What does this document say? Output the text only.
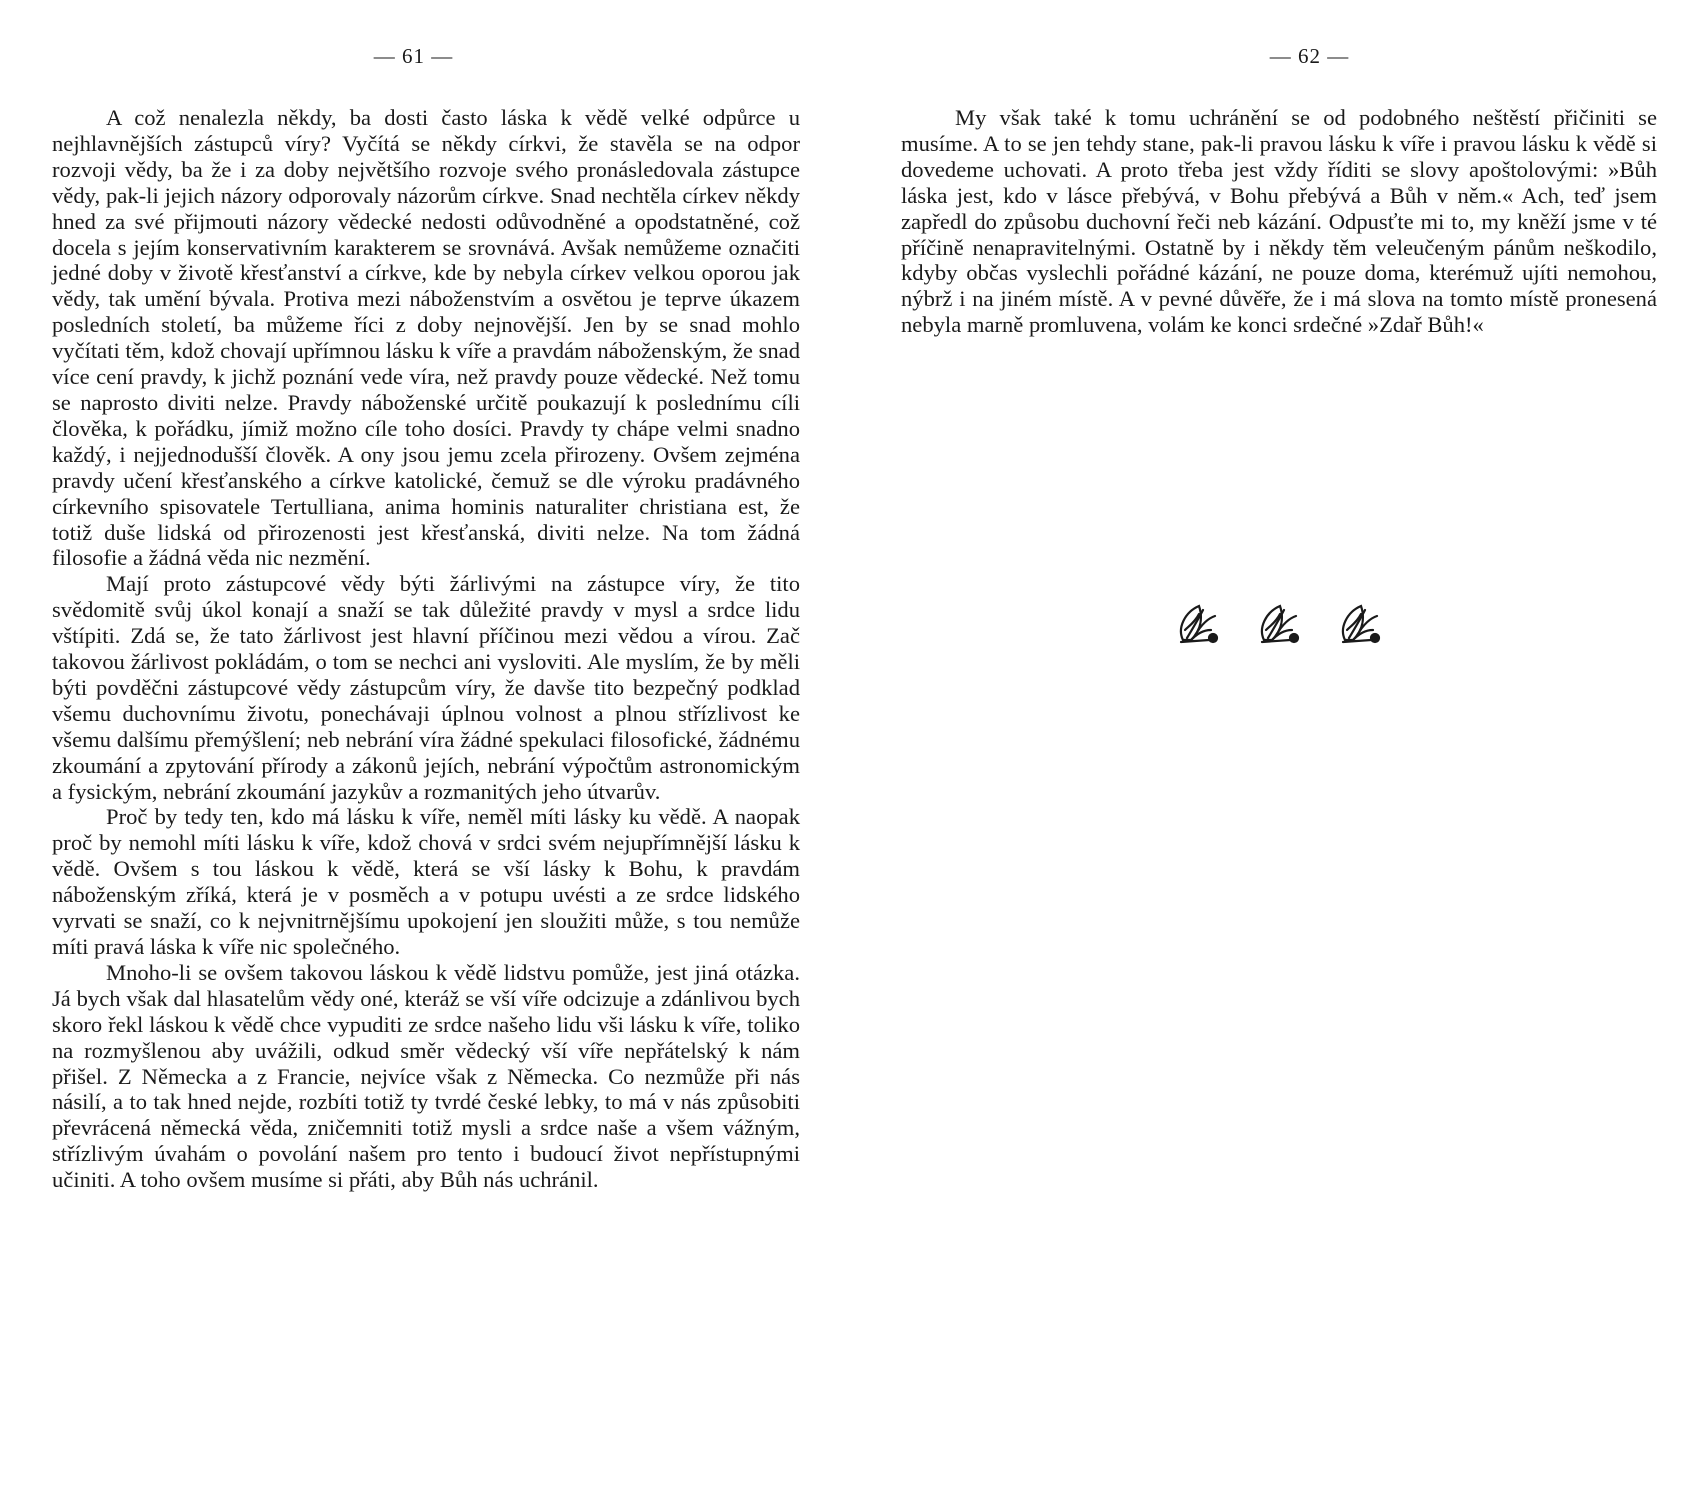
— 61 —

A což nenalezla někdy, ba dosti často láska k vědě velké odpůrce u nejhlavnějších zástupců víry? Vyčítá se někdy církvi, že stavěla se na odpor rozvoji vědy, ba že i za doby největšího rozvoje svého pronásledovala zástupce vědy, pak-li jejich názory odporovaly názorům církve. Snad nechtěla církev někdy hned za své přijmouti názory vědecké nedosti odůvodněné a opodstatněné, což docela s jejím konservativním karakterem se srovnává. Avšak nemůžeme označiti jedné doby v životě křesťanství a církve, kde by nebyla církev velkou oporou jak vědy, tak umění bývala. Protiva mezi náboženstvím a osvětou je teprve úkazem posledních století, ba můžeme říci z doby nejnovější. Jen by se snad mohlo vyčítati těm, kdož chovají upřímnou lásku k víře a pravdám náboženským, že snad více cení pravdy, k jichž poznání vede víra, než pravdy pouze vědecké. Než tomu se naprosto diviti nelze. Pravdy náboženské určitě poukazují k poslednímu cíli člověka, k pořádku, jímiž možno cíle toho dosíci. Pravdy ty chápe velmi snadno každý, i nejjednodušší člověk. A ony jsou jemu zcela přirozeny. Ovšem zejména pravdy učení křesťanského a církve katolické, čemuž se dle výroku pradávného církevního spisovatele Tertulliana, anima hominis naturaliter christiana est, že totiž duše lidská od přirozenosti jest křesťanská, diviti nelze. Na tom žádná filosofie a žádná věda nic nezmění.

Mají proto zástupcové vědy býti žárlivými na zástupce víry, že tito svědomitě svůj úkol konají a snaží se tak důležité pravdy v mysl a srdce lidu vštípiti. Zdá se, že tato žárlivost jest hlavní příčinou mezi vědou a vírou. Zač takovou žárlivost pokládám, o tom se nechci ani vysloviti. Ale myslím, že by měli býti povděčni zástupcové vědy zástupcům víry, že davše tito bezpečný podklad všemu duchovnímu životu, ponechávaji úplnou volnost a plnou střízlivost ke všemu dalšímu přemýšlení; neb nebrání víra žádné spekulaci filosofické, žádnému zkoumání a zpytování přírody a zákonů jejích, nebrání výpočtům astronomickým a fysickým, nebrání zkoumání jazykův a rozmanitých jeho útvarův.

Proč by tedy ten, kdo má lásku k víře, neměl míti lásky ku vědě. A naopak proč by nemohl míti lásku k víře, kdož chová v srdci svém nejupřímnější lásku k vědě. Ovšem s tou láskou k vědě, která se vší lásky k Bohu, k pravdám náboženským zříká, která je v posměch a v potupu uvésti a ze srdce lidského vyrvati se snaží, co k nejvnitrnějšímu upokojení jen sloužiti může, s tou nemůže míti pravá láska k víře nic společného.

Mnoho-li se ovšem takovou láskou k vědě lidstvu pomůže, jest jiná otázka. Já bych však dal hlasatelům vědy oné, kteráž se vší víře odcizuje a zdánlivou bych skoro řekl láskou k vědě chce vypuditi ze srdce našeho lidu vši lásku k víře, toliko na rozmyšlenou aby uvážili, odkud směr vědecký vší víře nepřátelský k nám přišel. Z Německa a z Francie, nejvíce však z Německa. Co nezmůže při nás násilí, a to tak hned nejde, rozbíti totiž ty tvrdé české lebky, to má v nás způsobiti převrácená německá věda, zničemniti totiž mysli a srdce naše a všem vážným, střízlivým úvahám o povolání našem pro tento i budoucí život nepřístupnými učiniti. A toho ovšem musíme si přáti, aby Bůh nás uchránil.

— 62 —

My však také k tomu uchránění se od podobného neštěstí přičiniti se musíme. A to se jen tehdy stane, pak-li pravou lásku k víře i pravou lásku k vědě si dovedeme uchovati. A proto třeba jest vždy říditi se slovy apoštolovými: »Bůh láska jest, kdo v lásce přebývá, v Bohu přebývá a Bůh v něm.« Ach, teď jsem zapředl do způsobu duchovní řeči neb kázání. Odpusťte mi to, my kněží jsme v té příčině nenapravitelnými. Ostatně by i někdy těm veleučeným pánům neškodilo, kdyby občas vyslechli pořádné kázání, ne pouze doma, kterémuž ujíti nemohou, nýbrž i na jiném místě. A v pevné důvěře, že i má slova na tomto místě pronesená nebyla marně promluvena, volám ke konci srdečné »Zdař Bůh!«
